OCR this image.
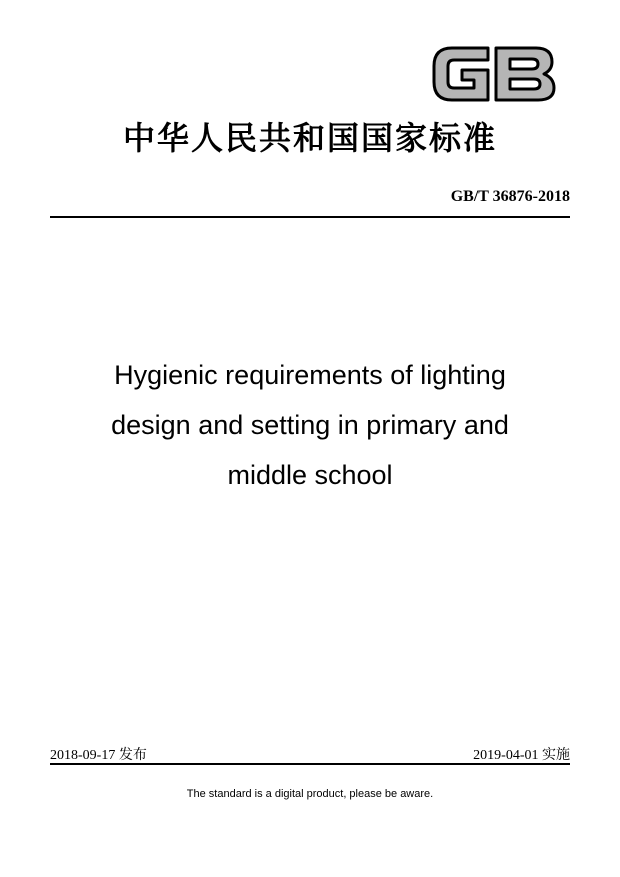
中华人民共和国国家标准
GB/T 36876-2018
Hygienic requirements of lighting
design and setting in primary and
middle school
2018-09-17 发布	2019-04-01 实施
The standard is a digital product, please be aware.
